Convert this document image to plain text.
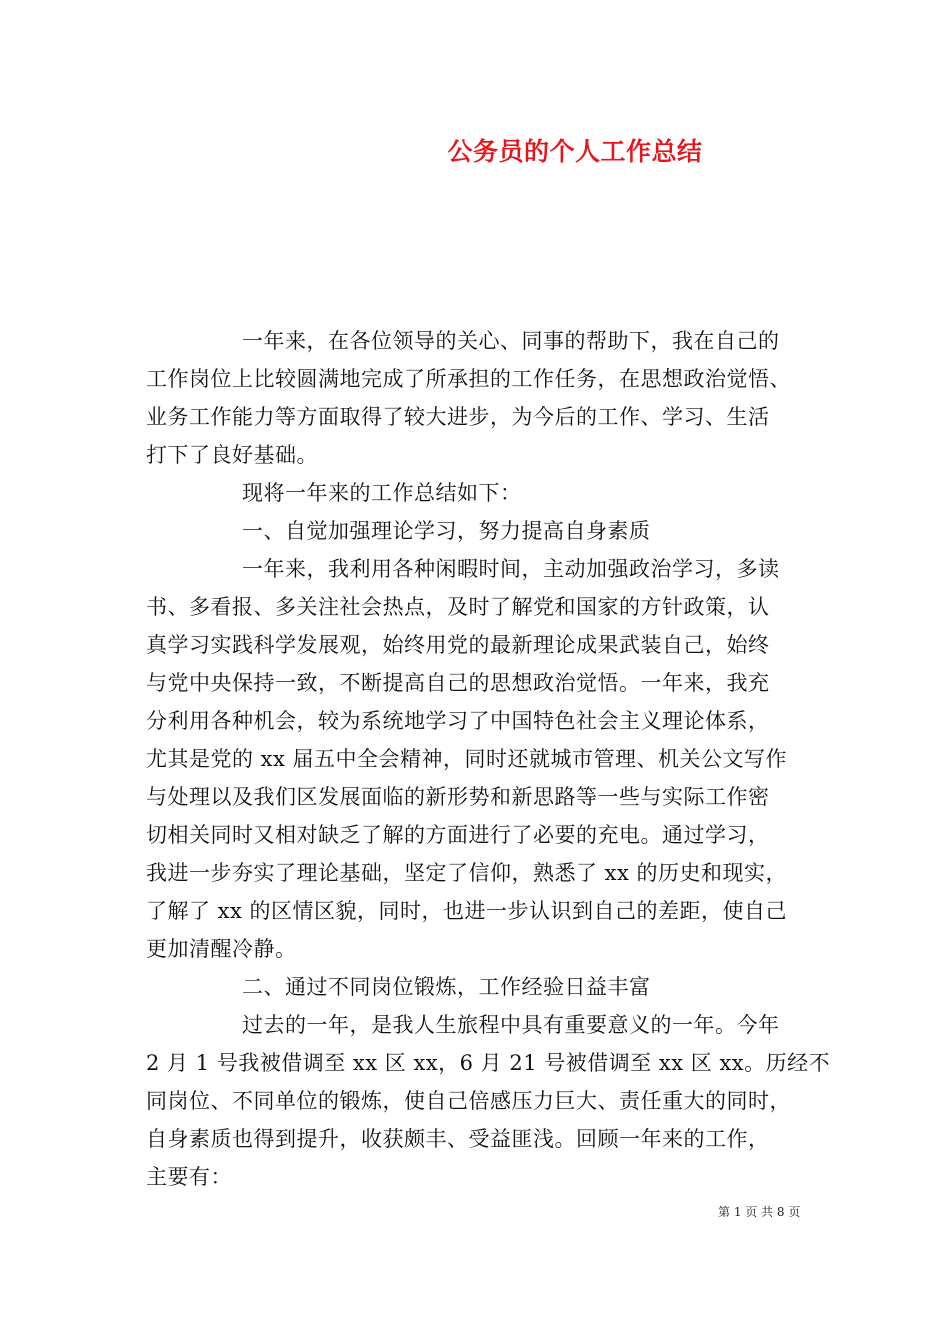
公务员的个人工作总结
一年来，在各位领导的关心、同事的帮助下，我在自己的
工作岗位上比较圆满地完成了所承担的工作任务，在思想政治觉悟、
业务工作能力等方面取得了较大进步，为今后的工作、学习、生活
打下了良好基础。
现将一年来的工作总结如下：
一、自觉加强理论学习，努力提高自身素质
一年来，我利用各种闲暇时间，主动加强政治学习，多读
书、多看报、多关注社会热点，及时了解党和国家的方针政策，认
真学习实践科学发展观，始终用党的最新理论成果武装自己，始终
与党中央保持一致，不断提高自己的思想政治觉悟。一年来，我充
分利用各种机会，较为系统地学习了中国特色社会主义理论体系，
尤其是党的 xx 届五中全会精神，同时还就城市管理、机关公文写作
与处理以及我们区发展面临的新形势和新思路等一些与实际工作密
切相关同时又相对缺乏了解的方面进行了必要的充电。通过学习，
我进一步夯实了理论基础，坚定了信仰，熟悉了 xx 的历史和现实，
了解了 xx 的区情区貌，同时，也进一步认识到自己的差距，使自己
更加清醒冷静。
二、通过不同岗位锻炼，工作经验日益丰富
过去的一年，是我人生旅程中具有重要意义的一年。今年
2 月 1 号我被借调至 xx 区 xx，6 月 21 号被借调至 xx 区 xx。历经不
同岗位、不同单位的锻炼，使自己倍感压力巨大、责任重大的同时，
自身素质也得到提升，收获颇丰、受益匪浅。回顾一年来的工作，
主要有：
第 1 页 共 8 页
